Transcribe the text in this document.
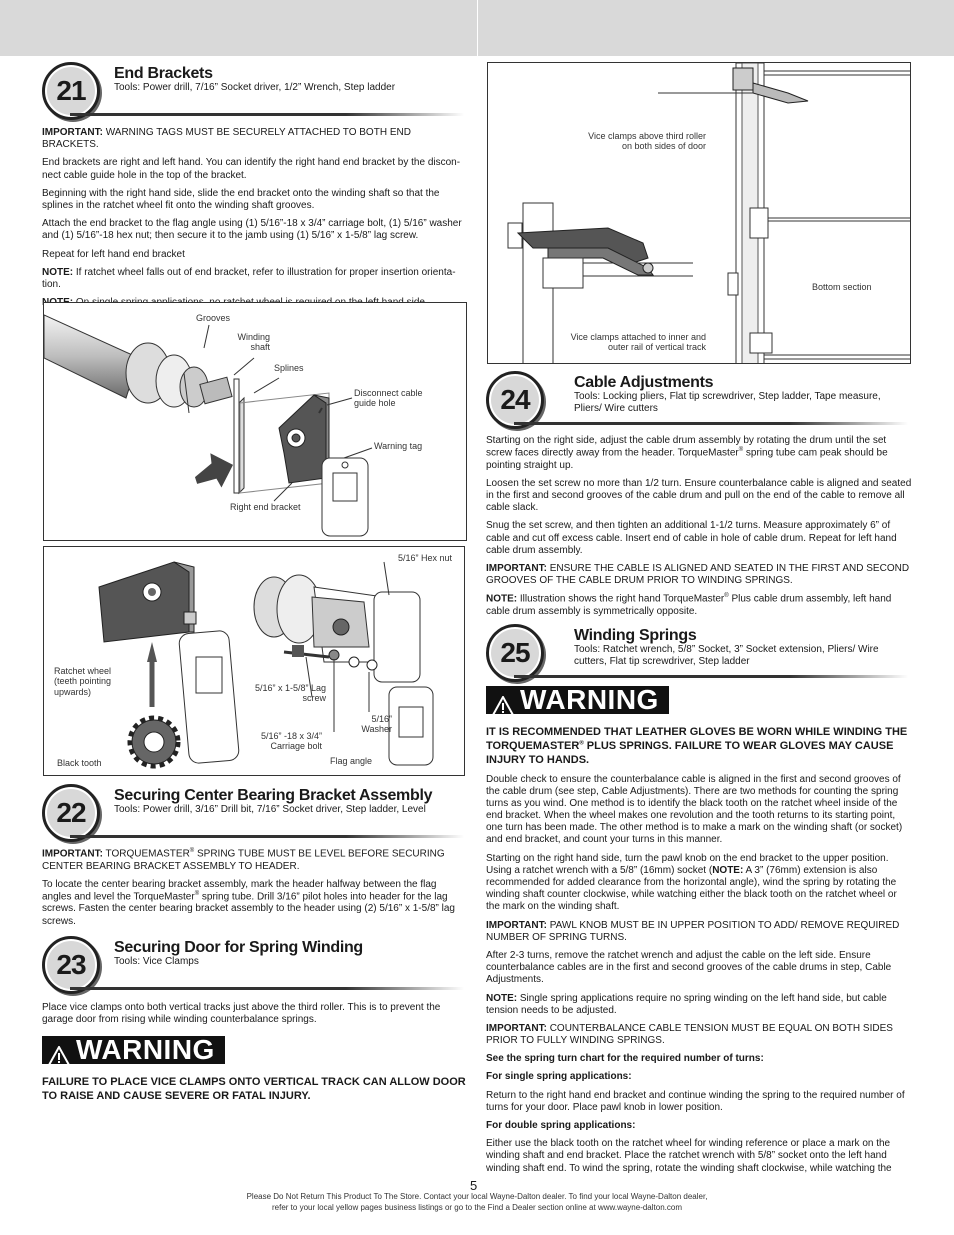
21
End Brackets
Tools: Power drill, 7/16” Socket driver, 1/2” Wrench, Step ladder

IMPORTANT: WARNING TAGS MUST BE SECURELY ATTACHED TO BOTH END BRACKETS.

End brackets are right and left hand. You can identify the right hand end bracket by the discon-nect cable guide hole in the top of the bracket.

Beginning with the right hand side, slide the end bracket onto the winding shaft so that the splines in the ratchet wheel fit onto the winding shaft grooves.

Attach the end bracket to the flag angle using (1) 5/16”-18 x 3/4” carriage bolt, (1) 5/16” washer and (1) 5/16”-18 hex nut; then secure it to the jamb using (1) 5/16” x 1-5/8” lag screw.

Repeat for left hand end bracket

NOTE: If ratchet wheel falls out of end bracket, refer to illustration for proper insertion orienta-tion.

Grooves
Winding shaft
Splines
Disconnect cable guide hole
Warning tag
Right end bracket
5/16” Hex nut
Ratchet wheel (teeth pointing upwards)	5/16” x 1-5/8” Lag screw
5/16” Washer
5/16” -18 x 3/4” Carriage bolt
Black tooth	Flag angle
22
Securing Center Bearing Bracket Assembly
Tools: Power drill, 3/16” Drill bit, 7/16” Socket driver, Step ladder, Level

IMPORTANT: TORQUEMASTER® SPRING TUBE MUST BE LEVEL BEFORE SECURING CENTER BEARING BRACKET ASSEMBLY TO HEADER.

To locate the center bearing bracket assembly, mark the header halfway between the flag angles and level the TorqueMaster® spring tube. Drill 3/16” pilot holes into header for the lag screws. Fasten the center bearing bracket assembly to the header using (2) 5/16” x 1-5/8” lag screws.

23
Securing Door for Spring Winding
Tools: Vice Clamps

Place vice clamps onto both vertical tracks just above the third roller. This is to prevent the garage door from rising while winding counterbalance springs.

WARNING
FAILURE TO PLACE VICE CLAMPS ONTO VERTICAL TRACK CAN ALLOW DOOR TO RAISE AND CAUSE SEVERE OR FATAL INJURY.
Vice clamps above third roller on both sides of door
Bottom section
Vice clamps attached to inner and outer rail of vertical track
24
Cable Adjustments
Tools: Locking pliers, Flat tip screwdriver, Step ladder, Tape measure, Pliers/ Wire cutters

Starting on the right side, adjust the cable drum assembly by rotating the drum until the set screw faces directly away from the header. TorqueMaster® spring tube cam peak should be pointing straight up.

Loosen the set screw no more than 1/2 turn. Ensure counterbalance cable is aligned and seated in the first and second grooves of the cable drum and pull on the end of the cable to remove all cable slack.

Snug the set screw, and then tighten an additional 1-1/2 turns. Measure approximately 6” of cable and cut off excess cable. Insert end of cable in hole of cable drum. Repeat for left hand cable drum assembly.

IMPORTANT: ENSURE THE CABLE IS ALIGNED AND SEATED IN THE FIRST AND SECOND GROOVES OF THE CABLE DRUM PRIOR TO WINDING SPRINGS.

NOTE: Illustration shows the right hand TorqueMaster® Plus cable drum assembly, left hand cable drum assembly is symmetrically opposite.

25
Winding Springs
Tools: Ratchet wrench, 5/8” Socket, 3” Socket extension, Pliers/ Wire cutters, Flat tip screwdriver, Step ladder
WARNING
IT IS RECOMMENDED THAT LEATHER GLOVES BE WORN WHILE WINDING THE TORQUEMASTER® PLUS SPRINGS. FAILURE TO WEAR GLOVES MAY CAUSE INJURY TO HANDS.

Double check to ensure the counterbalance cable is aligned in the first and second grooves of the cable drum (see step, Cable Adjustments). There are two methods for counting the spring turns as you wind. One method is to identify the black tooth on the ratchet wheel inside of the end bracket. When the wheel makes one revolution and the tooth returns to its starting point, one turn has been made. The other method is to make a mark on the winding shaft (or socket) and end bracket, and count your turns in this manner.

Starting on the right hand side, turn the pawl knob on the end bracket to the upper position. Using a ratchet wrench with a 5/8” (16mm) socket (NOTE: A 3” (76mm) extension is also recommended for added clearance from the horizontal angle), wind the spring by rotating the winding shaft counter clockwise, while watching either the black tooth on the ratchet wheel or the mark on the winding shaft.

IMPORTANT: PAWL KNOB MUST BE IN UPPER POSITION TO ADD/ REMOVE REQUIRED NUMBER OF SPRING TURNS.

After 2-3 turns, remove the ratchet wrench and adjust the cable on the left side. Ensure counterbalance cables are in the first and second grooves of the cable drums in step, Cable Adjustments.

NOTE: Single spring applications require no spring winding on the left hand side, but cable tension needs to be adjusted.

IMPORTANT: COUNTERBALANCE CABLE TENSION MUST BE EQUAL ON BOTH SIDES PRIOR TO FULLY WINDING SPRINGS.

See the spring turn chart for the required number of turns:

For single spring applications:

Return to the right hand end bracket and continue winding the spring to the required number of turns for your door. Place pawl knob in lower position.

For double spring applications:

Either use the black tooth on the ratchet wheel for winding reference or place a mark on the winding shaft and end bracket. Place the ratchet wrench with 5/8” socket onto the left hand winding shaft end. To wind the spring, rotate the winding shaft clockwise, while watching the

5
Please Do Not Return This Product To The Store. Contact your local Wayne-Dalton dealer. To find your local Wayne-Dalton dealer,
refer to your local yellow pages business listings or go to the Find a Dealer section online at www.wayne-dalton.com
